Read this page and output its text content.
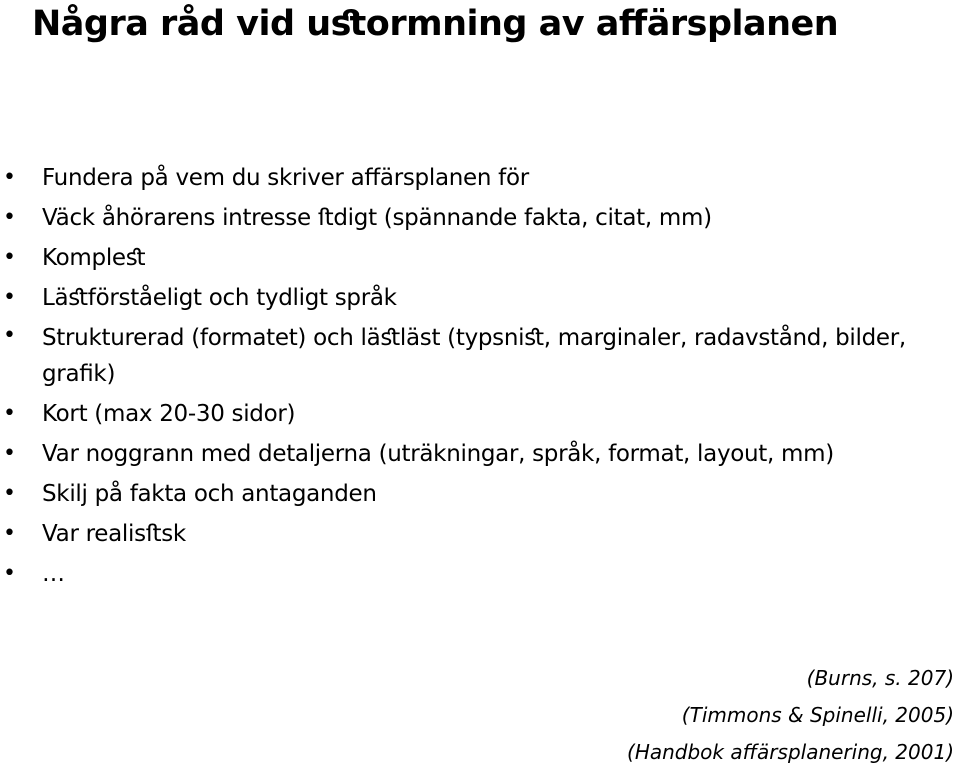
Några råd vid uﬆormning av aﬀärsplanen
• Fundera på vem du skriver aﬀärsplanen för
• Väck åhörarens intresse ﬅdigt (spännande fakta, citat, mm)
• Kompleﬆ
• Läﬆförståeligt och tydligt språk
• Strukturerad (formatet) och läﬆläst (typsniﬆ, marginaler, radavstånd, bilder, graﬁk)
• Kort (max 20-30 sidor)
• Var noggrann med detaljerna (uträkningar, språk, format, layout, mm)
• Skilj på fakta och antaganden
• Var realisﬅsk
• …
(Burns, s. 207)
(Timmons & Spinelli, 2005)
(Handbok aﬀärsplanering, 2001)
